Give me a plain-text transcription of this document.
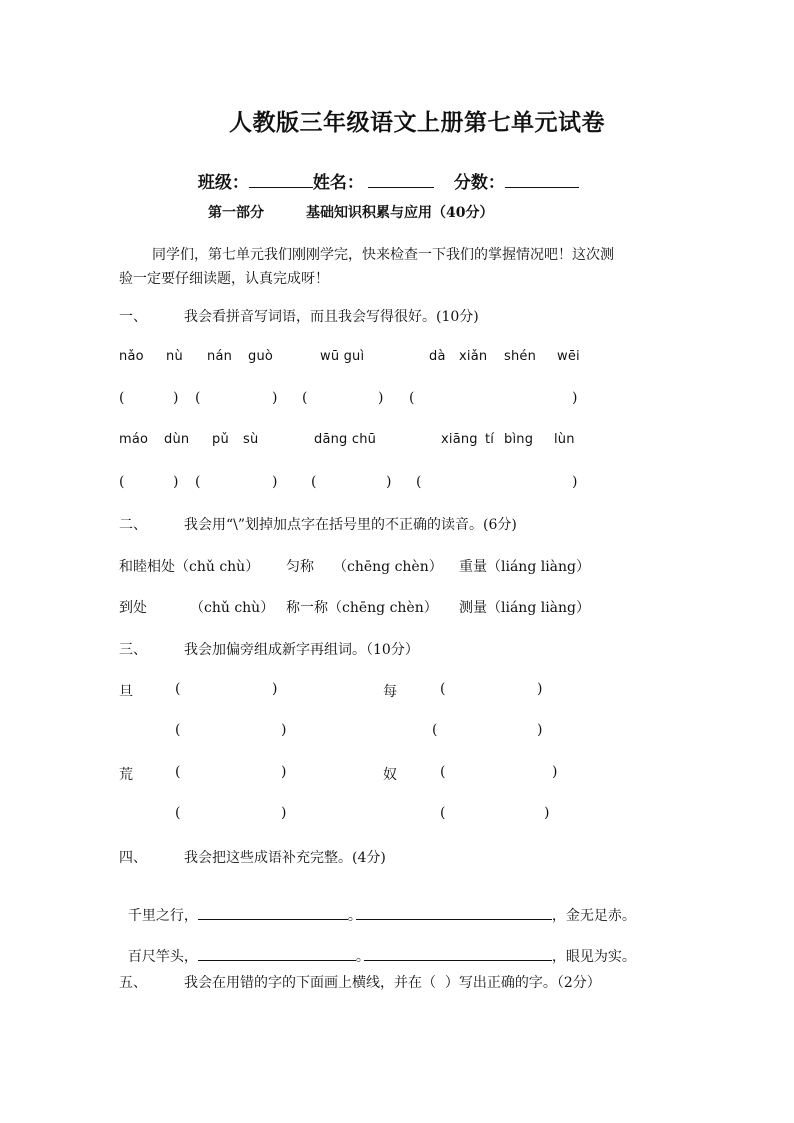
人教版三年级语文上册第七单元试卷

班级：	姓名：	分数：

第一部分	基础知识积累与应用（40分）
同学们，第七单元我们刚刚学完，快来检查一下我们的掌握情况吧！这次测
验一定要仔细读题，认真完成呀！
一、	我会看拼音写词语，而且我会写得很好。(10分)
nǎo nù nán guò	wū guì	dà xiǎn shén wēi
(	) (	) (	) (	)
máo dùn pǔ sù	dāng chū	xiāng tí bìng lùn
(	) (	) (	) (	)
二、	我会用“\”划掉加点字在括号里的不正确的读音。(6分)
和睦相处（chǔ chù） 匀称 （chēng chèn） 重量（liáng liàng）
到处	（chǔ chù） 称一称（chēng chèn） 测量（liáng liàng）
三、	我会加偏旁组成新字再组词。（10分）
旦	(	)	每	(	)
(	)	(	)
荒	(	)	奴	(	)
(	)	(	)
四、	我会把这些成语补充完整。(4分)

千里之行，	。	，金无足赤。

百尺竿头，	。	，眼见为实。

五、	我会在用错的字的下面画上横线，并在（  ）写出正确的字。（2分）
